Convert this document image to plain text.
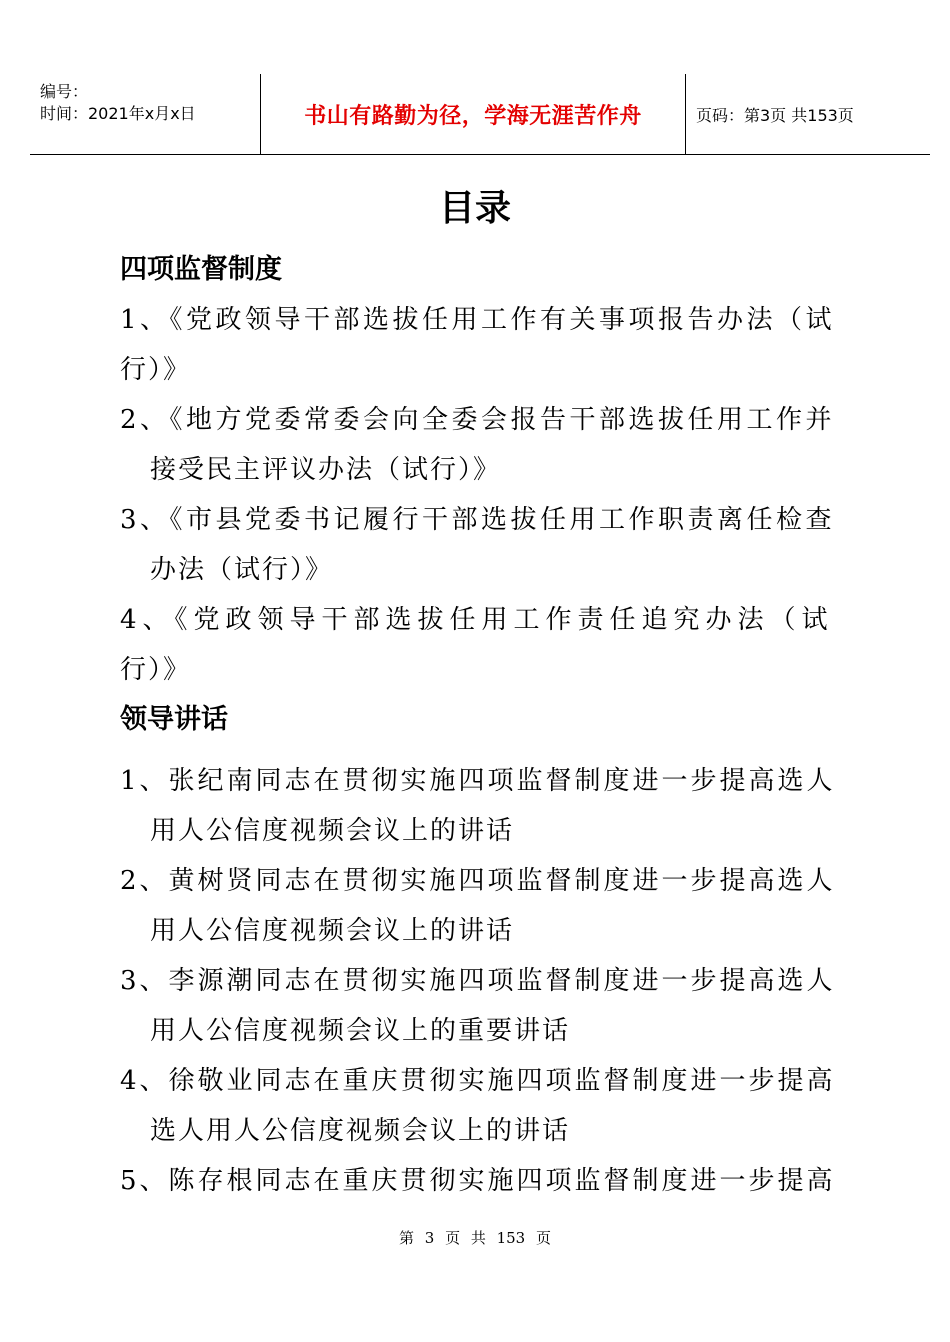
编号：
时间：2021年x月x日	书山有路勤为径，学海无涯苦作舟	页码：第3页 共153页
目录
四项监督制度
1、《党政领导干部选拔任用工作有关事项报告办法（试
行）》
2、《地方党委常委会向全委会报告干部选拔任用工作并
接受民主评议办法（试行）》
3、《市县党委书记履行干部选拔任用工作职责离任检查
办法（试行）》
4、《党政领导干部选拔任用工作责任追究办法（试
行）》
领导讲话
1、张纪南同志在贯彻实施四项监督制度进一步提高选人
用人公信度视频会议上的讲话
2、黄树贤同志在贯彻实施四项监督制度进一步提高选人
用人公信度视频会议上的讲话
3、李源潮同志在贯彻实施四项监督制度进一步提高选人
用人公信度视频会议上的重要讲话
4、徐敬业同志在重庆贯彻实施四项监督制度进一步提高
选人用人公信度视频会议上的讲话
5、陈存根同志在重庆贯彻实施四项监督制度进一步提高
第 3 页 共 153 页
